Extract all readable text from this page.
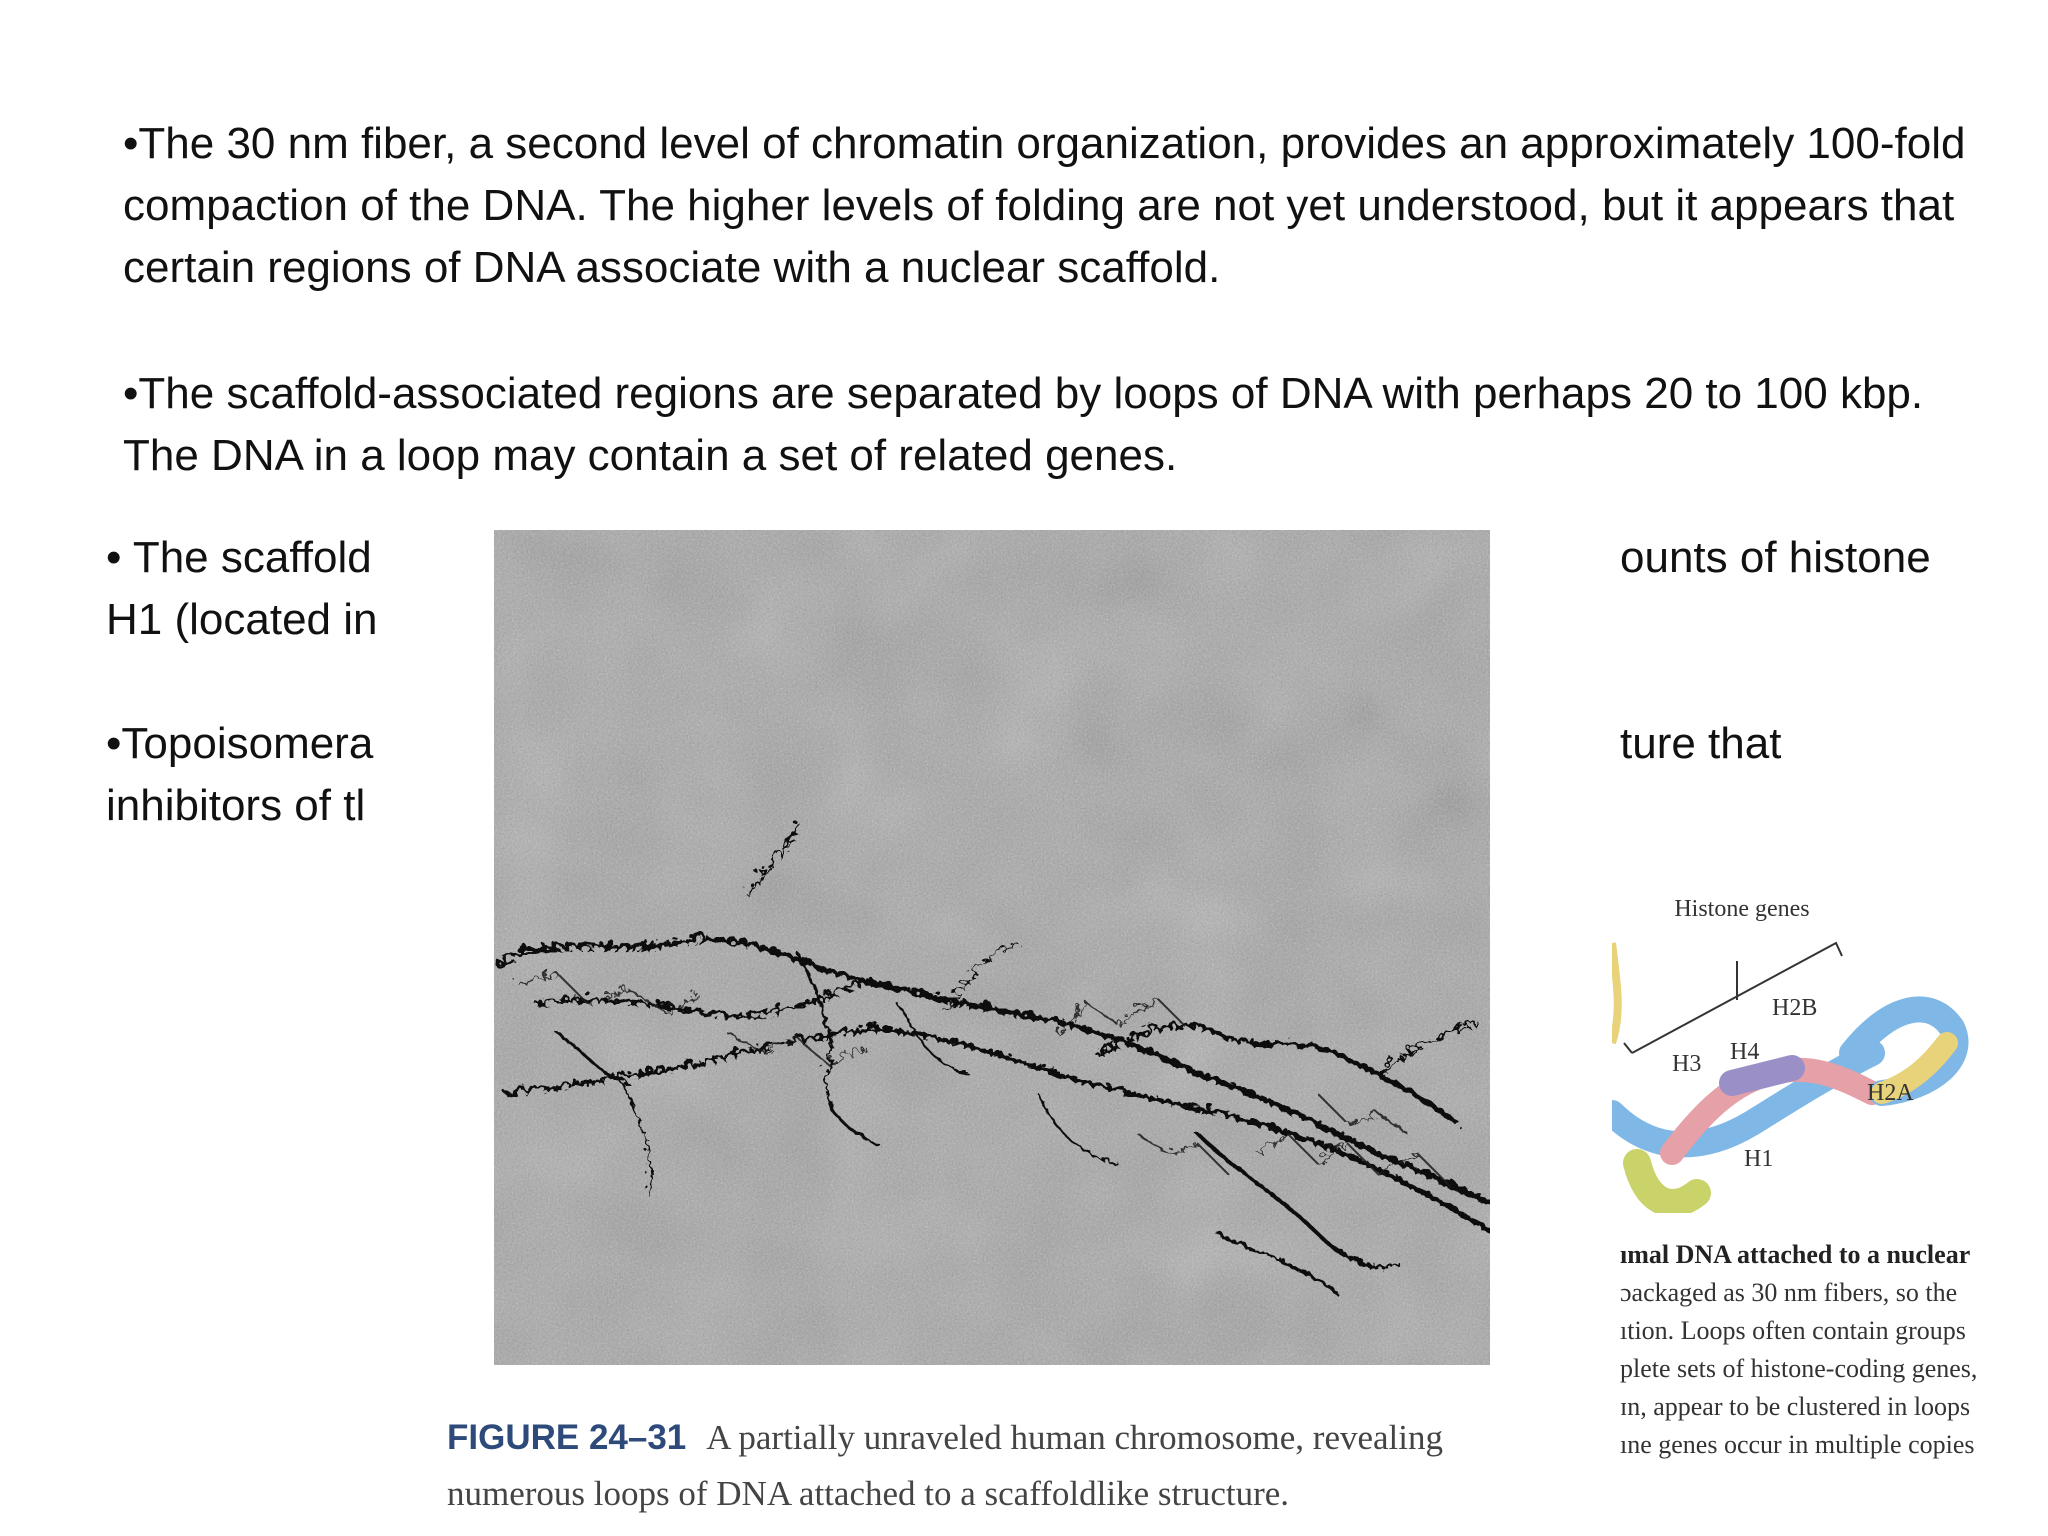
•The 30 nm fiber, a second level of chromatin organization, provides an approximately 100-fold compaction of the DNA. The higher levels of folding are not yet understood, but it appears that certain regions of DNA associate with a nuclear scaffold.

•The scaffold-associated regions are separated by loops of DNA with perhaps 20 to 100 kbp. The DNA in a loop may contain a set of related genes.

• The scaffold
H1 (located in
ounts of histone
•Topoisomera
inhibitors of tl
ture that
FIGURE 24–31 A partially unraveled human chromosome, revealing numerous loops of DNA attached to a scaffoldlike structure.
Histone genes
H2B
H3 H4
H2A
H1
ımal DNA attached to a nuclear
ɔackaged as 30 nm fibers, so the
ıtion. Loops often contain groups
plete sets of histone-coding genes,
ɪn, appear to be clustered in loops
ıne genes occur in multiple copies
